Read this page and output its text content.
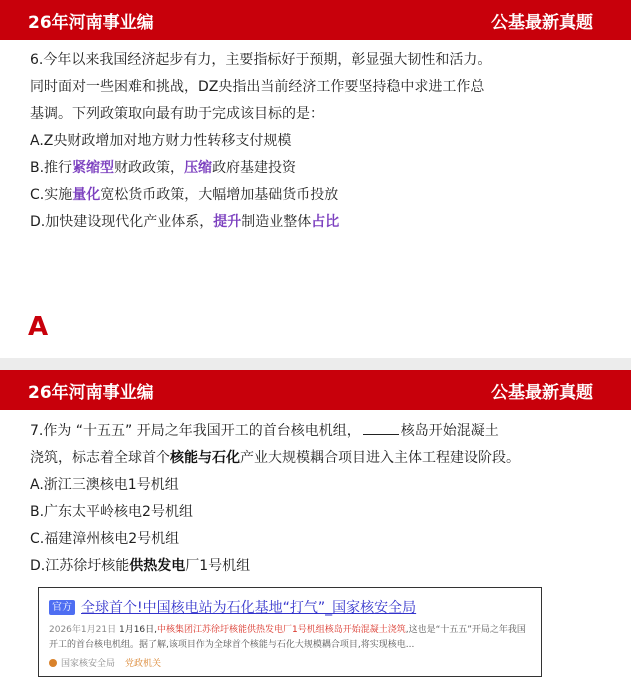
26年河南事业编	公基最新真题
6.今年以来我国经济起步有力，主要指标好于预期，彰显强大韧性和活力。
同时面对一些困难和挑战，DZ央指出当前经济工作要坚持稳中求进工作总
基调。下列政策取向最有助于完成该目标的是：
A.Z央财政增加对地方财力性转移支付规模
B.推行紧缩型财政政策，压缩政府基建投资
C.实施量化宽松货币政策，大幅增加基础货币投放
D.加快建设现代化产业体系，提升制造业整体占比
A
26年河南事业编	公基最新真题
7.作为 “十五五” 开局之年我国开工的首台核电机组，	核岛开始混凝土
浇筑，标志着全球首个核能与石化产业大规模耦合项目进入主体工程建设阶段。
A.浙江三澳核电1号机组
B.广东太平岭核电2号机组
C.福建漳州核电2号机组
D.江苏徐圩核能供热发电厂1号机组
官方 全球首个!中国核电站为石化基地“打气”_国家核安全局
2026年1月21日 1月16日,中核集团江苏徐圩核能供热发电厂1号机组核岛开始混凝土浇筑,这也是“十五五”开局之年我国开工的首台核电机组。据了解,该项目作为全球首个核能与石化大规模耦合项目,将实现核电...
国家核安全局 党政机关
